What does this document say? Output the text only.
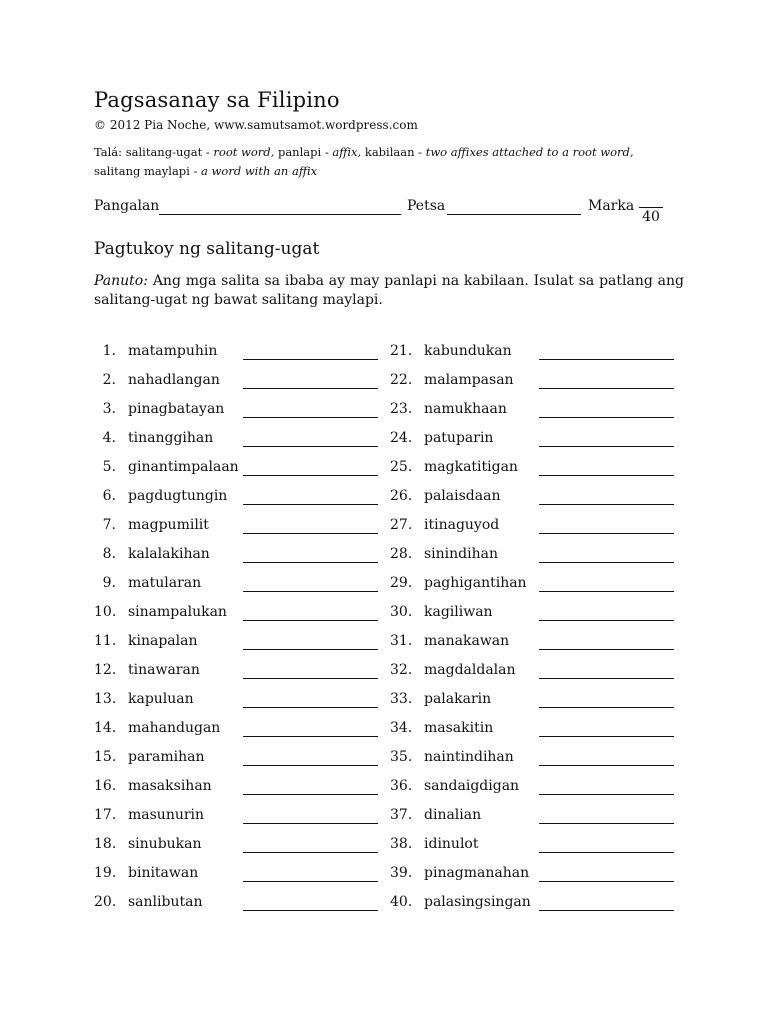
Pagsasanay sa Filipino
© 2012 Pia Noche, www.samutsamot.wordpress.com
Talá: salitang-ugat - root word, panlapi - affix, kabilaan - two affixes attached to a root word,
salitang maylapi - a word with an affix
Pangalan	Petsa	Marka
40
Pagtukoy ng salitang-ugat
Panuto: Ang mga salita sa ibaba ay may panlapi na kabilaan. Isulat sa patlang ang salitang-ugat ng bawat salitang maylapi.
1. matampuhin
2. nahadlangan
3. pinagbatayan
4. tinanggihan
5. ginantimpalaan
6. pagdugtungin
7. magpumilit
8. kalalakihan
9. matularan
10. sinampalukan
11. kinapalan
12. tinawaran
13. kapuluan
14. mahandugan
15. paramihan
16. masaksihan
17. masunurin
18. sinubukan
19. binitawan
20. sanlibutan
21. kabundukan
22. malampasan
23. namukhaan
24. patuparin
25. magkatitigan
26. palaisdaan
27. itinaguyod
28. sinindihan
29. paghigantihan
30. kagiliwan
31. manakawan
32. magdaldalan
33. palakarin
34. masakitin
35. naintindihan
36. sandaigdigan
37. dinalian
38. idinulot
39. pinagmanahan
40. palasingsingan
